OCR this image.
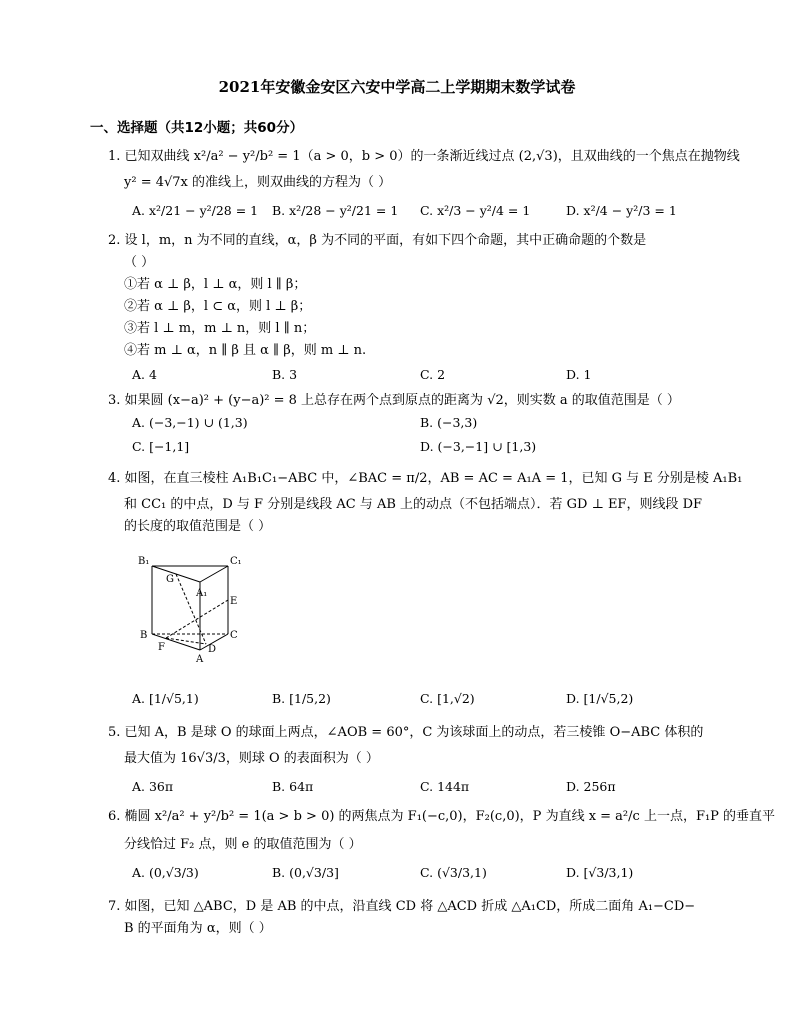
2021年安徽金安区六安中学高二上学期期末数学试卷
一、选择题（共12小题；共60分）
1. 已知双曲线 x²/a² − y²/b² = 1（a > 0，b > 0）的一条渐近线过点 (2,√3)，且双曲线的一个焦点在抛物线
y² = 4√7x 的准线上，则双曲线的方程为（ ）
A. x²/21 − y²/28 = 1 B. x²/28 − y²/21 = 1 C. x²/3 − y²/4 = 1	D. x²/4 − y²/3 = 1
2. 设 l，m，n 为不同的直线，α，β 为不同的平面，有如下四个命题，其中正确命题的个数是
（ ）
①若 α ⊥ β，l ⊥ α，则 l ∥ β；
②若 α ⊥ β，l ⊂ α，则 l ⊥ β；
③若 l ⊥ m，m ⊥ n，则 l ∥ n；
④若 m ⊥ α，n ∥ β 且 α ∥ β，则 m ⊥ n.
A. 4	B. 3	C. 2	D. 1
3. 如果圆 (x−a)² + (y−a)² = 8 上总存在两个点到原点的距离为 √2，则实数 a 的取值范围是（ ）
A. (−3,−1) ∪ (1,3)	B. (−3,3)
C. [−1,1]	D. (−3,−1] ∪ [1,3)
4. 如图，在直三棱柱 A₁B₁C₁−ABC 中，∠BAC = π/2，AB = AC = A₁A = 1，已知 G 与 E 分别是棱 A₁B₁
和 CC₁ 的中点，D 与 F 分别是线段 AC 与 AB 上的动点（不包括端点）．若 GD ⊥ EF，则线段 DF
的长度的取值范围是（ ）
B₁	C₁
G
A₁
E
B	C
F	D
A
A. [1/√5,1)	B. [1/5,2)	C. [1,√2)	D. [1/√5,2)
5. 已知 A，B 是球 O 的球面上两点，∠AOB = 60°，C 为该球面上的动点，若三棱锥 O−ABC 体积的
最大值为 16√3/3，则球 O 的表面积为（ ）
A. 36π	B. 64π	C. 144π	D. 256π
6. 椭圆 x²/a² + y²/b² = 1(a > b > 0) 的两焦点为 F₁(−c,0)，F₂(c,0)，P 为直线 x = a²/c 上一点，F₁P 的垂直平
分线恰过 F₂ 点，则 e 的取值范围为（ ）
A. (0,√3/3)	B. (0,√3/3]	C. (√3/3,1)	D. [√3/3,1)
7. 如图，已知 △ABC，D 是 AB 的中点，沿直线 CD 将 △ACD 折成 △A₁CD，所成二面角 A₁−CD−
B 的平面角为 α，则（ ）
